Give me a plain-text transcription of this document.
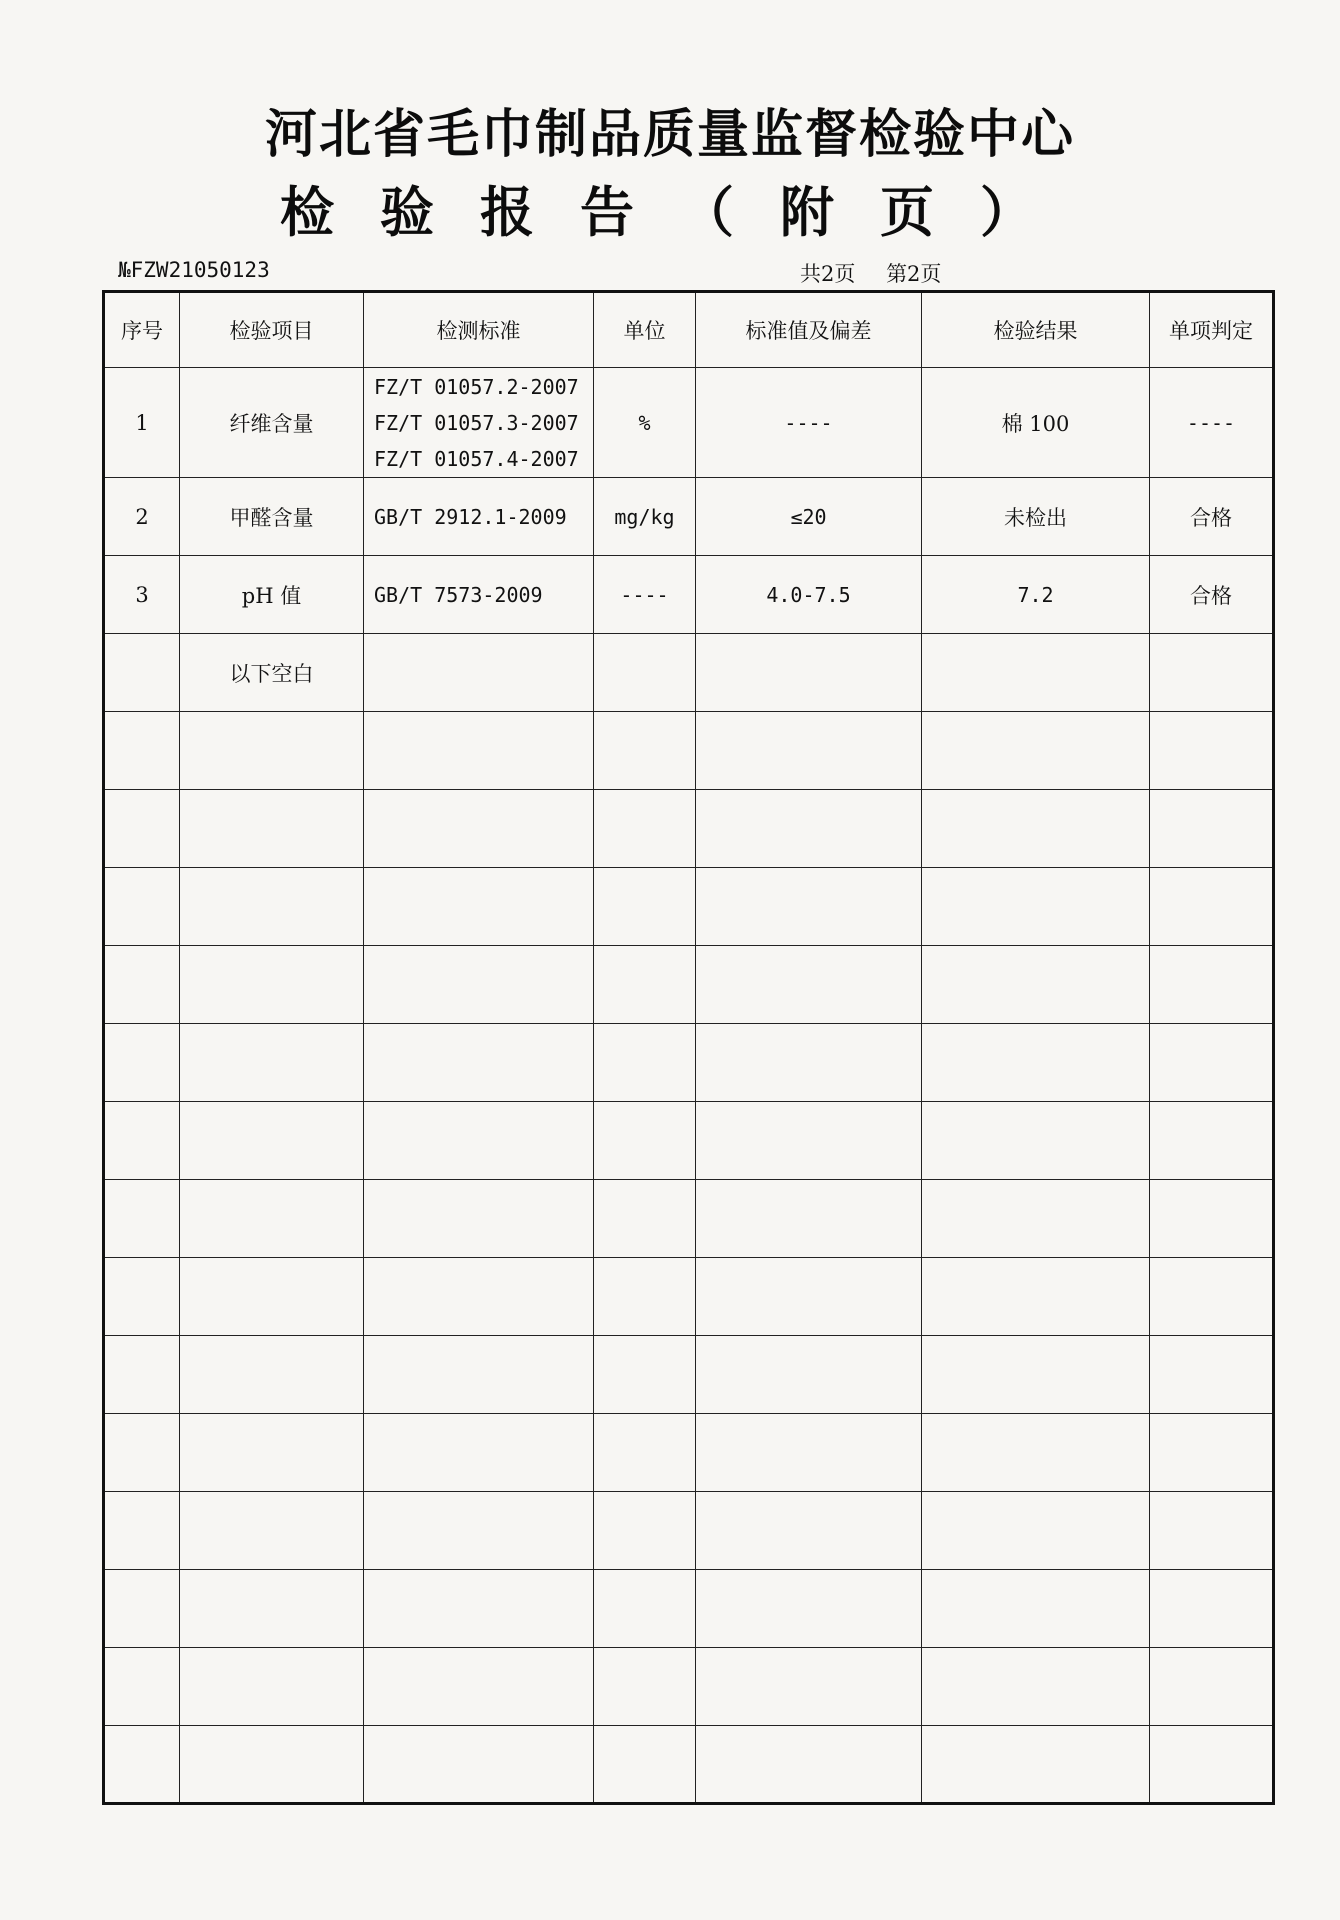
河北省毛巾制品质量监督检验中心
检验报告（附页）
№FZW21050123	共2页 第2页
序号	检验项目	检测标准	单位	标准值及偏差	检验结果	单项判定
1	纤维含量	FZ/T 01057.2-2007
FZ/T 01057.3-2007
FZ/T 01057.4-2007	%	----	棉 100	----
2	甲醛含量	GB/T 2912.1-2009	mg/kg	≤20	未检出	合格
3	pH 值	GB/T 7573-2009	----	4.0-7.5	7.2	合格
	以下空白					
